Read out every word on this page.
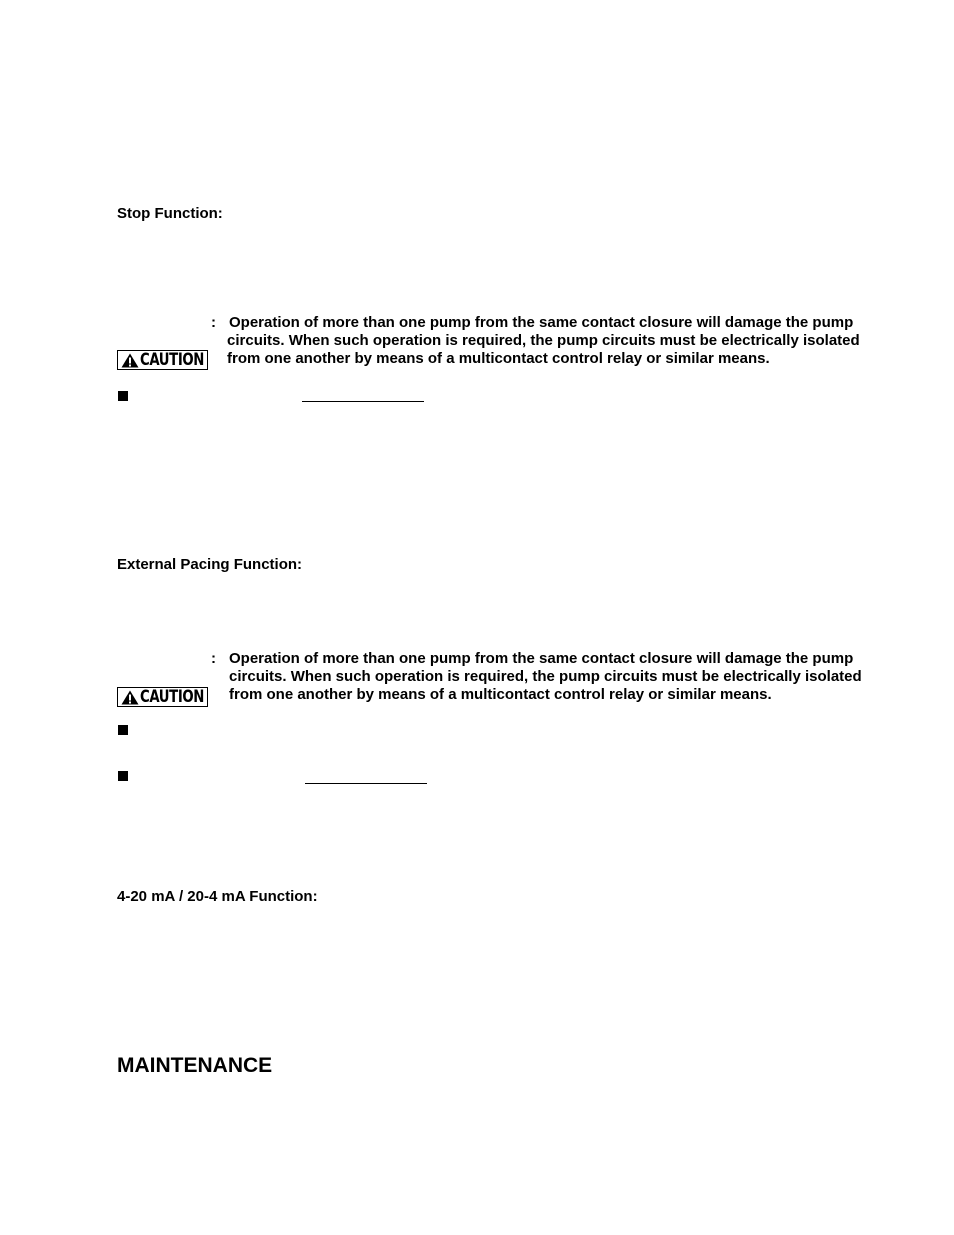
Stop Function:
: Operation of more than one pump from the same contact closure will damage the pump circuits. When such operation is required, the pump circuits must be electrically isolated from one another by means of a multicontact control relay or similar means.
CAUTION
External Pacing Function:
: Operation of more than one pump from the same contact closure will damage the pump circuits. When such operation is required, the pump circuits must be electrically isolated from one another by means of a multicontact control relay or similar means.
CAUTION
4-20 mA / 20-4 mA Function:
MAINTENANCE
